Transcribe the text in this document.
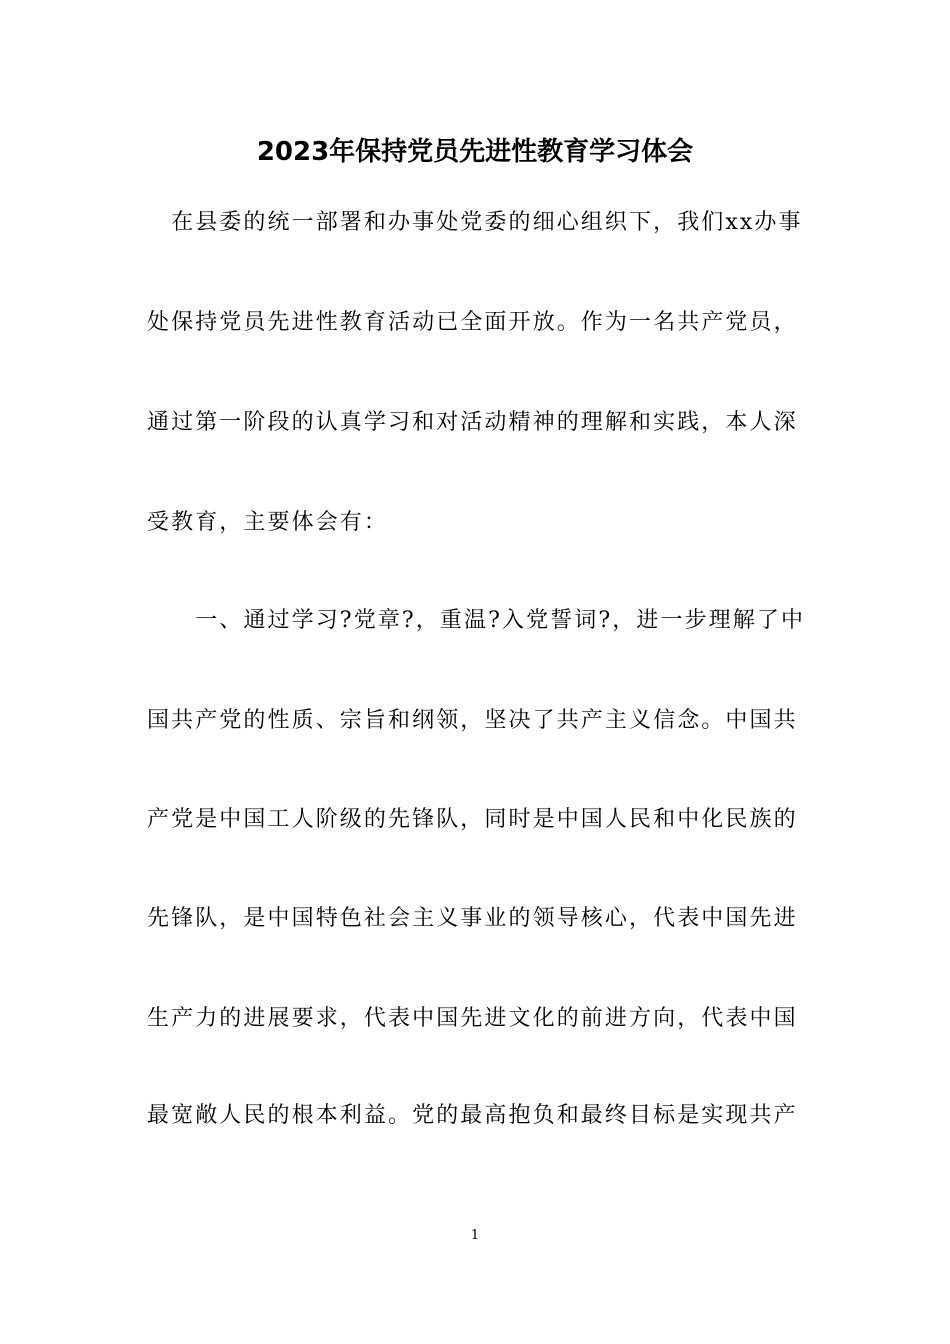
2023年保持党员先进性教育学习体会
　在县委的统一部署和办事处党委的细心组织下，我们xx办事
处保持党员先进性教育活动已全面开放。作为一名共产党员，
通过第一阶段的认真学习和对活动精神的理解和实践，本人深
受教育，主要体会有：
　　一、通过学习?党章?，重温?入党誓词?，进一步理解了中
国共产党的性质、宗旨和纲领，坚决了共产主义信念。中国共
产党是中国工人阶级的先锋队，同时是中国人民和中化民族的
先锋队，是中国特色社会主义事业的领导核心，代表中国先进
生产力的进展要求，代表中国先进文化的前进方向，代表中国
最宽敞人民的根本利益。党的最高抱负和最终目标是实现共产
1
